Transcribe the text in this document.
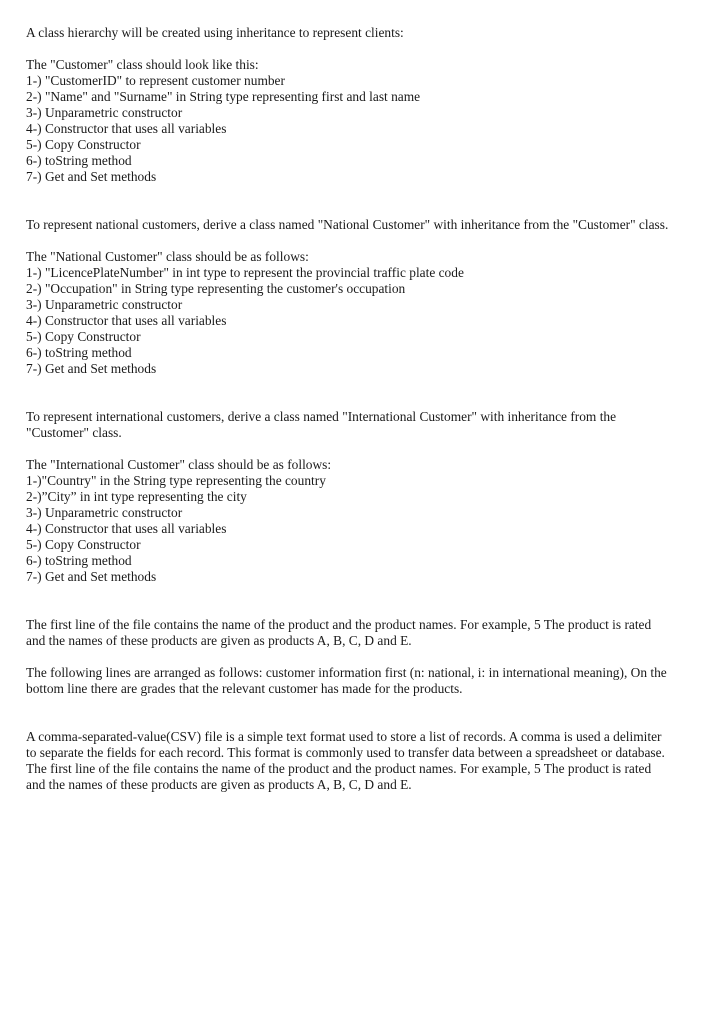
A class hierarchy will be created using inheritance to represent clients:

The "Customer" class should look like this:

1-) "CustomerID" to represent customer number
2-) "Name" and "Surname" in String type representing first and last name
3-) Unparametric constructor
4-) Constructor that uses all variables
5-) Copy Constructor
6-) toString method
7-) Get and Set methods

To represent national customers, derive a class named "National Customer" with inheritance from the "Customer" class.

The "National Customer" class should be as follows:

1-) "LicencePlateNumber" in int type to represent the provincial traffic plate code
2-) "Occupation" in String type representing the customer's occupation
3-) Unparametric constructor
4-) Constructor that uses all variables
5-) Copy Constructor
6-) toString method
7-) Get and Set methods

To represent international customers, derive a class named "International Customer" with inheritance from the
"Customer" class.

The "International Customer" class should be as follows:

1-)"Country" in the String type representing the country
2-)”City” in int type representing the city
3-) Unparametric constructor
4-) Constructor that uses all variables
5-) Copy Constructor
6-) toString method
7-) Get and Set methods

The first line of the file contains the name of the product and the product names. For example, 5 The product is rated
and the names of these products are given as products A, B, C, D and E.

The following lines are arranged as follows: customer information first (n: national, i: in international meaning), On the
bottom line there are grades that the relevant customer has made for the products.

A comma-separated-value(CSV) file is a simple text format used to store a list of records. A comma is used a delimiter
to separate the fields for each record. This format is commonly used to transfer data between a spreadsheet or database.
The first line of the file contains the name of the product and the product names. For example, 5 The product is rated
and the names of these products are given as products A, B, C, D and E.
